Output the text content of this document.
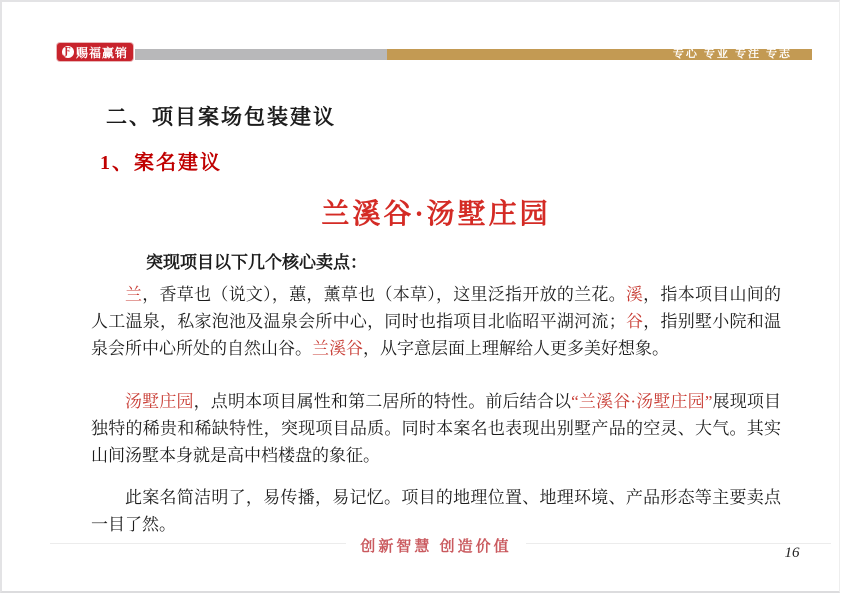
Ƒ 赐福赢销	专心 专业 专注 专志
二、项目案场包装建议
1、案名建议
兰溪谷·汤墅庄园
突现项目以下几个核心卖点：

兰，香草也（说文），蕙，薰草也（本草），这里泛指开放的兰花。溪，指本项目山间的人工温泉，私家泡池及温泉会所中心，同时也指项目北临昭平湖河流；谷，指别墅小院和温泉会所中心所处的自然山谷。兰溪谷，从字意层面上理解给人更多美好想象。

汤墅庄园，点明本项目属性和第二居所的特性。前后结合以“兰溪谷·汤墅庄园”展现项目独特的稀贵和稀缺特性，突现项目品质。同时本案名也表现出别墅产品的空灵、大气。其实山间汤墅本身就是高中档楼盘的象征。

此案名简洁明了，易传播，易记忆。项目的地理位置、地理环境、产品形态等主要卖点一目了然。

创新智慧 创造价值	16
